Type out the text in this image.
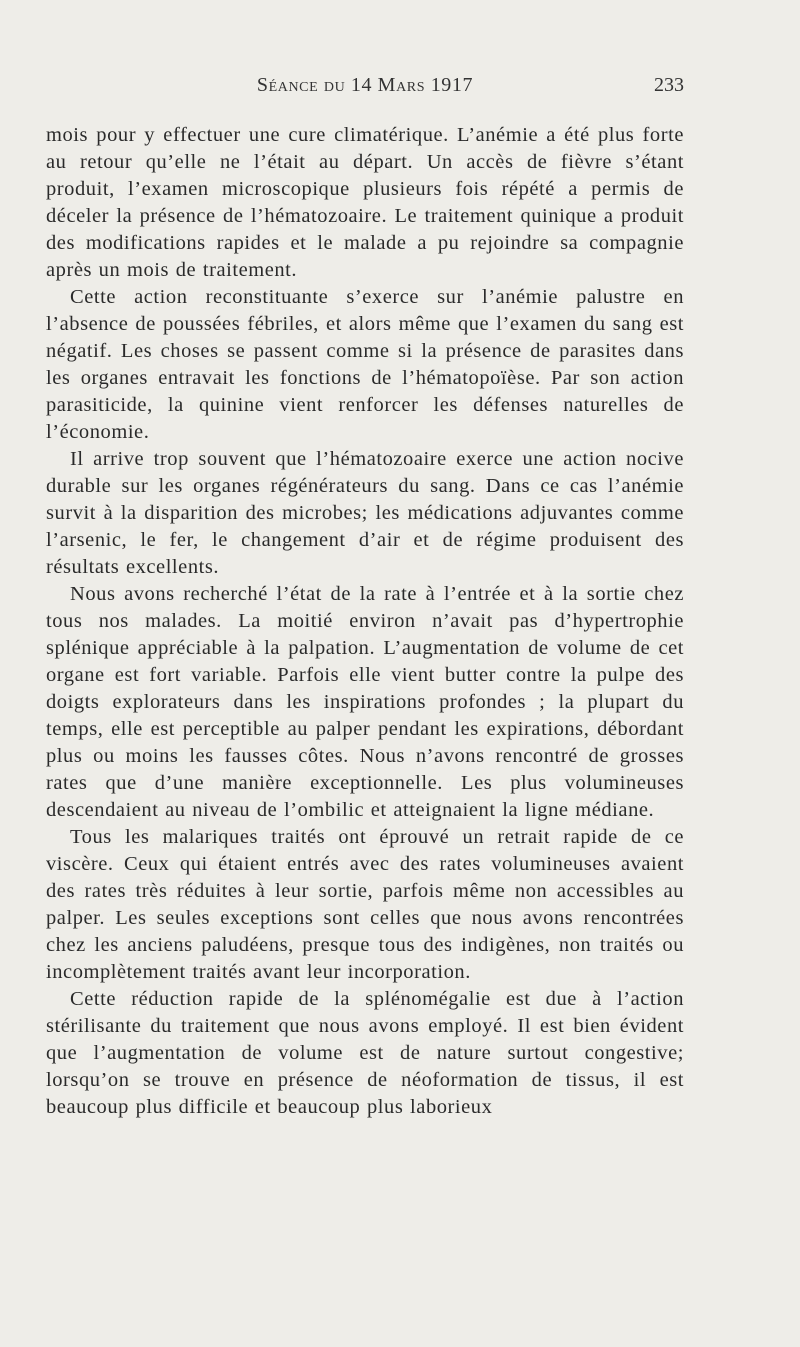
Séance du 14 Mars 1917	233

mois pour y effectuer une cure climatérique. L’anémie a été plus forte au retour qu’elle ne l’était au départ. Un accès de fièvre s’étant produit, l’examen microscopique plusieurs fois répété a permis de déceler la présence de l’hématozoaire. Le traitement quinique a produit des modifications rapides et le malade a pu rejoindre sa compagnie après un mois de traitement.

Cette action reconstituante s’exerce sur l’anémie palustre en l’absence de poussées fébriles, et alors même que l’examen du sang est négatif. Les choses se passent comme si la présence de parasites dans les organes entravait les fonctions de l’hématopoïèse. Par son action parasiticide, la quinine vient renforcer les défenses naturelles de l’économie.

Il arrive trop souvent que l’hématozoaire exerce une action nocive durable sur les organes régénérateurs du sang. Dans ce cas l’anémie survit à la disparition des microbes; les médications adjuvantes comme l’arsenic, le fer, le changement d’air et de régime produisent des résultats excellents.

Nous avons recherché l’état de la rate à l’entrée et à la sortie chez tous nos malades. La moitié environ n’avait pas d’hypertrophie splénique appréciable à la palpation. L’augmentation de volume de cet organe est fort variable. Parfois elle vient butter contre la pulpe des doigts explorateurs dans les inspirations profondes ; la plupart du temps, elle est perceptible au palper pendant les expirations, débordant plus ou moins les fausses côtes. Nous n’avons rencontré de grosses rates que d’une manière exceptionnelle. Les plus volumineuses descendaient au niveau de l’ombilic et atteignaient la ligne médiane.

Tous les malariques traités ont éprouvé un retrait rapide de ce viscère. Ceux qui étaient entrés avec des rates volumineuses avaient des rates très réduites à leur sortie, parfois même non accessibles au palper. Les seules exceptions sont celles que nous avons rencontrées chez les anciens paludéens, presque tous des indigènes, non traités ou incomplètement traités avant leur incorporation.

Cette réduction rapide de la splénomégalie est due à l’action stérilisante du traitement que nous avons employé. Il est bien évident que l’augmentation de volume est de nature surtout congestive; lorsqu’on se trouve en présence de néoformation de tissus, il est beaucoup plus difficile et beaucoup plus laborieux
